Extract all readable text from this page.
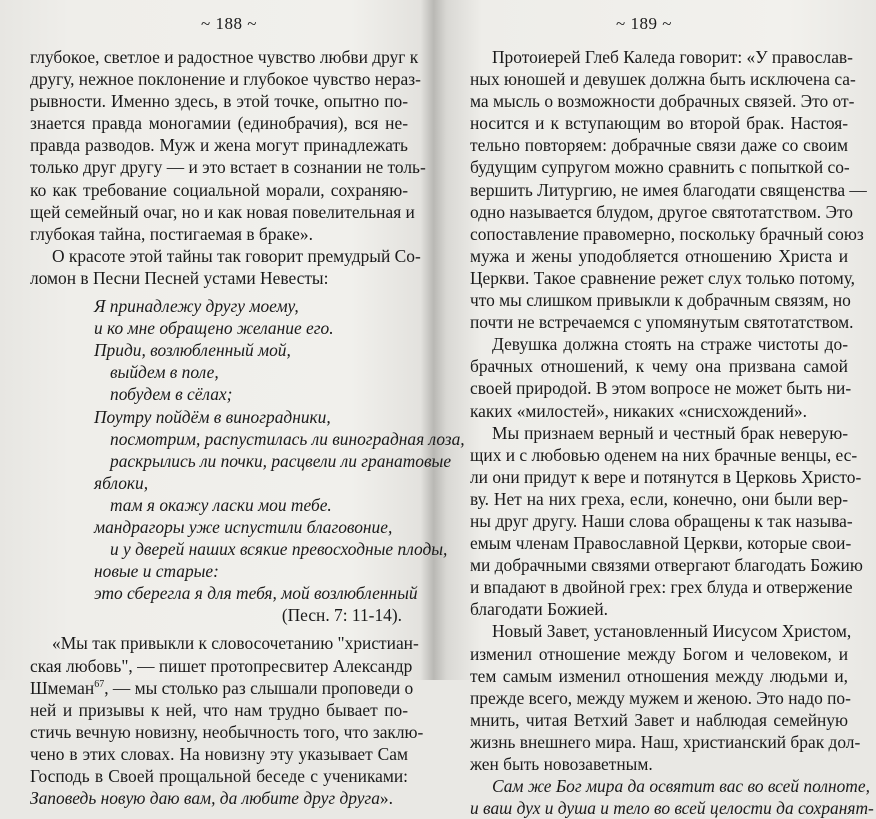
~ 188 ~
глубокое, светлое и радостное чувство любви друг к
другу, нежное поклонение и глубокое чувство нераз-
рывности. Именно здесь, в этой точке, опытно по-
знается правда моногамии (единобрачия), вся не-
правда разводов. Муж и жена могут принадлежать
только друг другу — и это встает в сознании не толь-
ко как требование социальной морали, сохраняю-
щей семейный очаг, но и как новая повелительная и
глубокая тайна, постигаемая в браке».
О красоте этой тайны так говорит премудрый Со-
ломон в Песни Песней устами Невесты:
Я принадлежу другу моему,
и ко мне обращено желание его.
Приди, возлюбленный мой,
выйдем в поле,
побудем в сёлах;
Поутру пойдём в виноградники,
посмотрим, распустилась ли виноградная лоза,
раскрылись ли почки, расцвели ли гранатовые
яблоки,
там я окажу ласки мои тебе.
мандрагоры уже испустили благовоние,
и у дверей наших всякие превосходные плоды,
новые и старые:
это сберегла я для тебя, мой возлюбленный
(Песн. 7: 11-14).
«Мы так привыкли к словосочетанию "христиан-
ская любовь", — пишет протопресвитер Александр
Шмеман$^{67}$, — мы столько раз слышали проповеди о
ней и призывы к ней, что нам трудно бывает по-
стичь вечную новизну, необычность того, что заклю-
чено в этих словах. На новизну эту указывает Сам
Господь в Своей прощальной беседе с учениками:
Заповедь новую даю вам, да любите друг друга».
~ 189 ~
Протоиерей Глеб Каледа говорит: «У православ-
ных юношей и девушек должна быть исключена са-
ма мысль о возможности добрачных связей. Это от-
носится и к вступающим во второй брак. Настоя-
тельно повторяем: добрачные связи даже со своим
будущим супругом можно сравнить с попыткой со-
вершить Литургию, не имея благодати священства —
одно называется блудом, другое святотатством. Это
сопоставление правомерно, поскольку брачный союз
мужа и жены уподобляется отношению Христа и
Церкви. Такое сравнение режет слух только потому,
что мы слишком привыкли к добрачным связям, но
почти не встречаемся с упомянутым святотатством.
Девушка должна стоять на страже чистоты до-
брачных отношений, к чему она призвана самой
своей природой. В этом вопросе не может быть ни-
каких «милостей», никаких «снисхождений».
Мы признаем верный и честный брак неверую-
щих и с любовью оденем на них брачные венцы, ес-
ли они придут к вере и потянутся в Церковь Христо-
ву. Нет на них греха, если, конечно, они были вер-
ны друг другу. Наши слова обращены к так называ-
емым членам Православной Церкви, которые свои-
ми добрачными связями отвергают благодать Божию
и впадают в двойной грех: грех блуда и отвержение
благодати Божией.
Новый Завет, установленный Иисусом Христом,
изменил отношение между Богом и человеком, и
тем самым изменил отношения между людьми и,
прежде всего, между мужем и женою. Это надо по-
мнить, читая Ветхий Завет и наблюдая семейную
жизнь внешнего мира. Наш, христианский брак дол-
жен быть новозаветным.
Сам же Бог мира да освятит вас во всей полноте,
и ваш дух и душа и тело во всей целости да сохранят-
